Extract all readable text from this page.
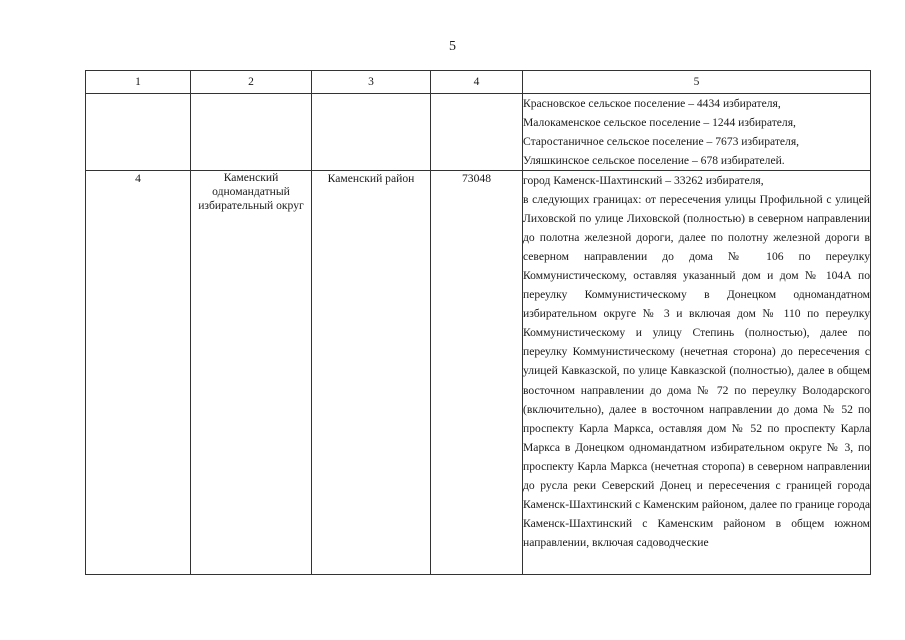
5
1	2	3	4	5

				Красновское сельское поселение – 4434 избирателя,
Малокаменское сельское поселение – 1244 избирателя,
Старостаничное сельское поселение – 7673 избирателя,
Уляшкинское сельское поселение – 678 избирателей.

4	Каменский одномандатный избирательный округ	Каменский район	73048	город Каменск-Шахтинский – 33262 избирателя,
в следующих границах: от пересечения улицы Профильной с улицей Лиховской по улице Лиховской (полностью) в северном направлении до полотна железной дороги, далее по полотну железной дороги в северном направлении до дома № 106 по переулку Коммунистическому, оставляя указанный дом и дом № 104А по переулку Коммунистическому в Донецком одномандатном избирательном округе № 3 и включая дом № 110 по переулку Коммунистическому и улицу Степинь (полностью), далее по переулку Коммунистическому (нечетная сторона) до пересечения с улицей Кавказской, по улице Кавказской (полностью), далее в общем восточном направлении до дома № 72 по переулку Володарского (включительно), далее в восточном направлении до дома № 52 по проспекту Карла Маркса, оставляя дом № 52 по проспекту Карла Маркса в Донецком одномандатном избирательном округе № 3, по проспекту Карла Маркса (нечетная сторопа) в северном направлении до русла реки Северский Донец и пересечения с границей города Каменск-Шахтинский с Каменским районом, далее по границе города Каменск-Шахтинский с Каменским районом в общем южном направлении, включая садоводческие
